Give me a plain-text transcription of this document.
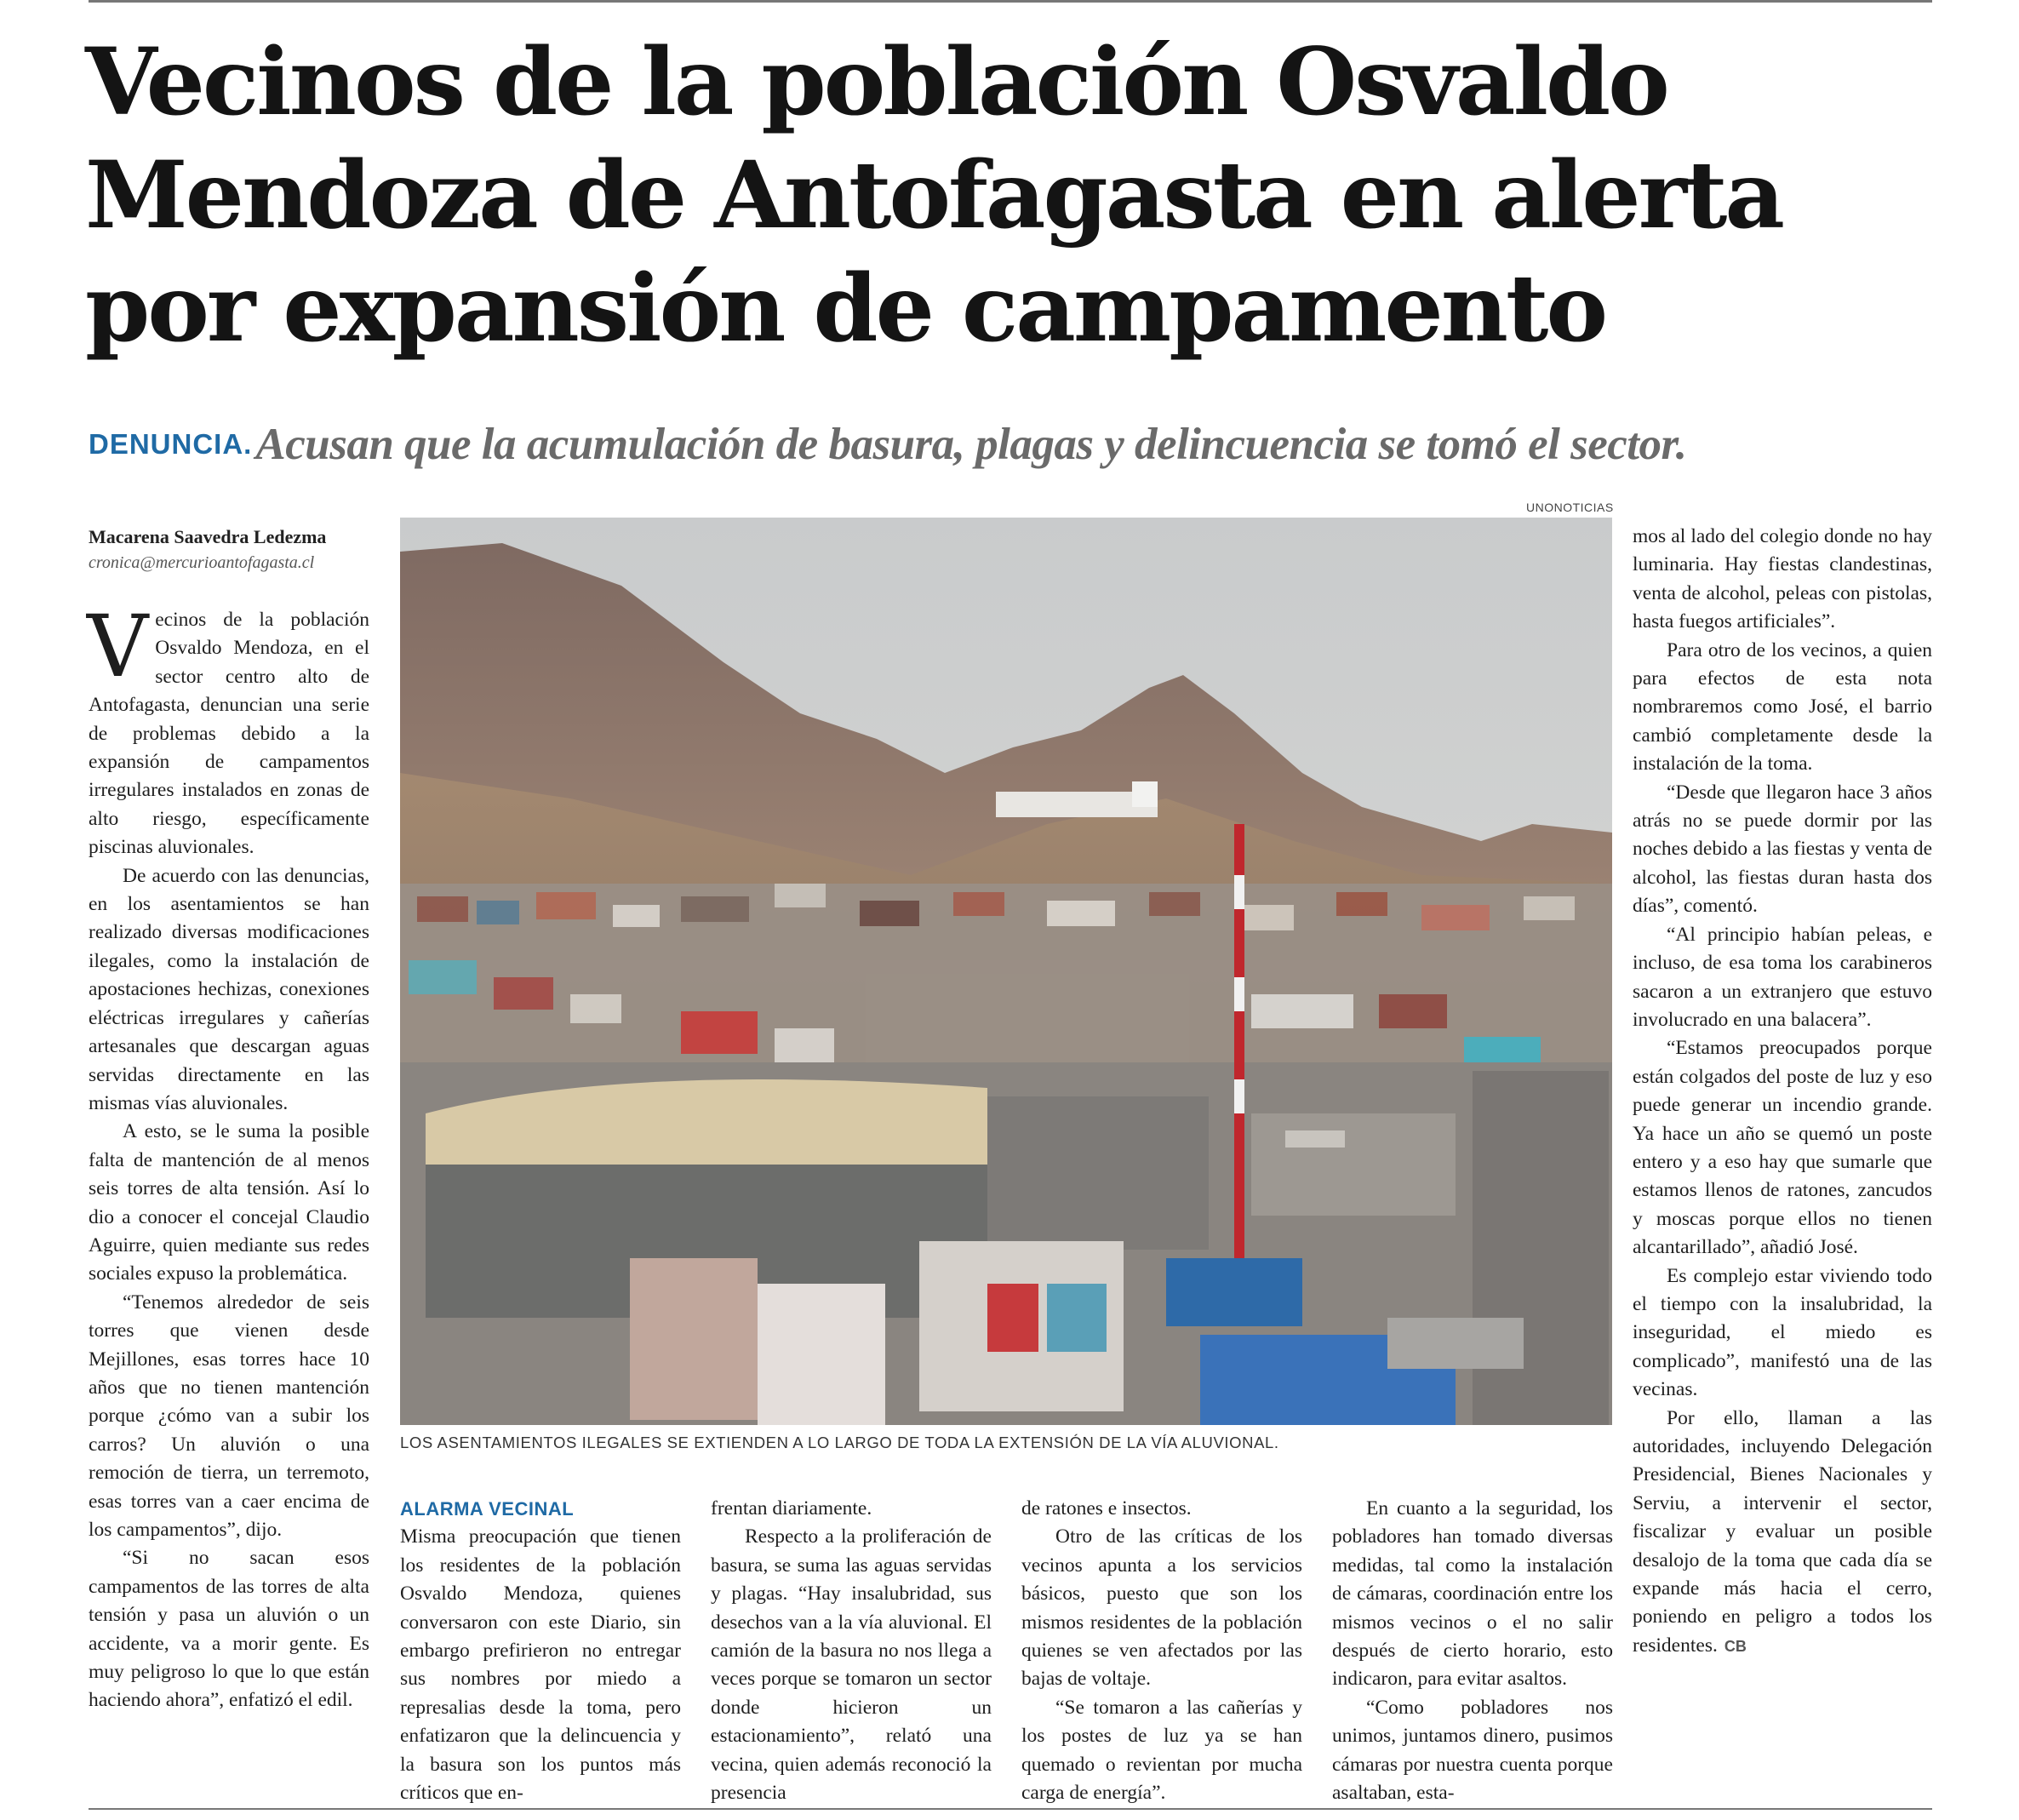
Vecinos de la población Osvaldo
Mendoza de Antofagasta en alerta
por expansión de campamento
DENUNCIA. Acusan que la acumulación de basura, plagas y delincuencia se tomó el sector.
Macarena Saavedra Ledezma
cronica@mercurioantofagasta.cl

Vecinos de la población Osvaldo Mendoza, en el sector centro alto de Antofagasta, denuncian una serie de problemas debido a la expansión de campamentos irregulares instalados en zonas de alto riesgo, específicamente piscinas aluvionales.

De acuerdo con las denuncias, en los asentamientos se han realizado diversas modificaciones ilegales, como la instalación de apostaciones hechizas, conexiones eléctricas irregulares y cañerías artesanales que descargan aguas servidas directamente en las mismas vías aluvionales.

A esto, se le suma la posible falta de mantención de al menos seis torres de alta tensión. Así lo dio a conocer el concejal Claudio Aguirre, quien mediante sus redes sociales expuso la problemática.

“Tenemos alrededor de seis torres que vienen desde Mejillones, esas torres hace 10 años que no tienen mantención porque ¿cómo van a subir los carros? Un aluvión o una remoción de tierra, un terremoto, esas torres van a caer encima de los campamentos”, dijo.

“Si no sacan esos campamentos de las torres de alta tensión y pasa un aluvión o un accidente, va a morir gente. Es muy peligroso lo que lo que están haciendo ahora”, enfatizó el edil.

UNONOTICIAS
LOS ASENTAMIENTOS ILEGALES SE EXTIENDEN A LO LARGO DE TODA LA EXTENSIÓN DE LA VÍA ALUVIONAL.
ALARMA VECINAL

Misma preocupación que tienen los residentes de la población Osvaldo Mendoza, quienes conversaron con este Diario, sin embargo prefirieron no entregar sus nombres por miedo a represalias desde la toma, pero enfatizaron que la delincuencia y la basura son los puntos más críticos que en-

frentan diariamente.

Respecto a la proliferación de basura, se suma las aguas servidas y plagas. “Hay insalubridad, sus desechos van a la vía aluvional. El camión de la basura no nos llega a veces porque se tomaron un sector donde hicieron un estacionamiento”, relató una vecina, quien además reconoció la presencia

de ratones e insectos.

Otro de las críticas de los vecinos apunta a los servicios básicos, puesto que son los mismos residentes de la población quienes se ven afectados por las bajas de voltaje.

“Se tomaron a las cañerías y los postes de luz ya se han quemado o revientan por mucha carga de energía”.

En cuanto a la seguridad, los pobladores han tomado diversas medidas, tal como la instalación de cámaras, coordinación entre los mismos vecinos o el no salir después de cierto horario, esto indicaron, para evitar asaltos.

“Como pobladores nos unimos, juntamos dinero, pusimos cámaras por nuestra cuenta porque asaltaban, esta-

mos al lado del colegio donde no hay luminaria. Hay fiestas clandestinas, venta de alcohol, peleas con pistolas, hasta fuegos artificiales”.

Para otro de los vecinos, a quien para efectos de esta nota nombraremos como José, el barrio cambió completamente desde la instalación de la toma.

“Desde que llegaron hace 3 años atrás no se puede dormir por las noches debido a las fiestas y venta de alcohol, las fiestas duran hasta dos días”, comentó.

“Al principio habían peleas, e incluso, de esa toma los carabineros sacaron a un extranjero que estuvo involucrado en una balacera”.

“Estamos preocupados porque están colgados del poste de luz y eso puede generar un incendio grande. Ya hace un año se quemó un poste entero y a eso hay que sumarle que estamos llenos de ratones, zancudos y moscas porque ellos no tienen alcantarillado”, añadió José.

Es complejo estar viviendo todo el tiempo con la insalubridad, la inseguridad, el miedo es complicado”, manifestó una de las vecinas.

Por ello, llaman a las autoridades, incluyendo Delegación Presidencial, Bienes Nacionales y Serviu, a intervenir el sector, fiscalizar y evaluar un posible desalojo de la toma que cada día se expande más hacia el cerro, poniendo en peligro a todos los residentes. CB
